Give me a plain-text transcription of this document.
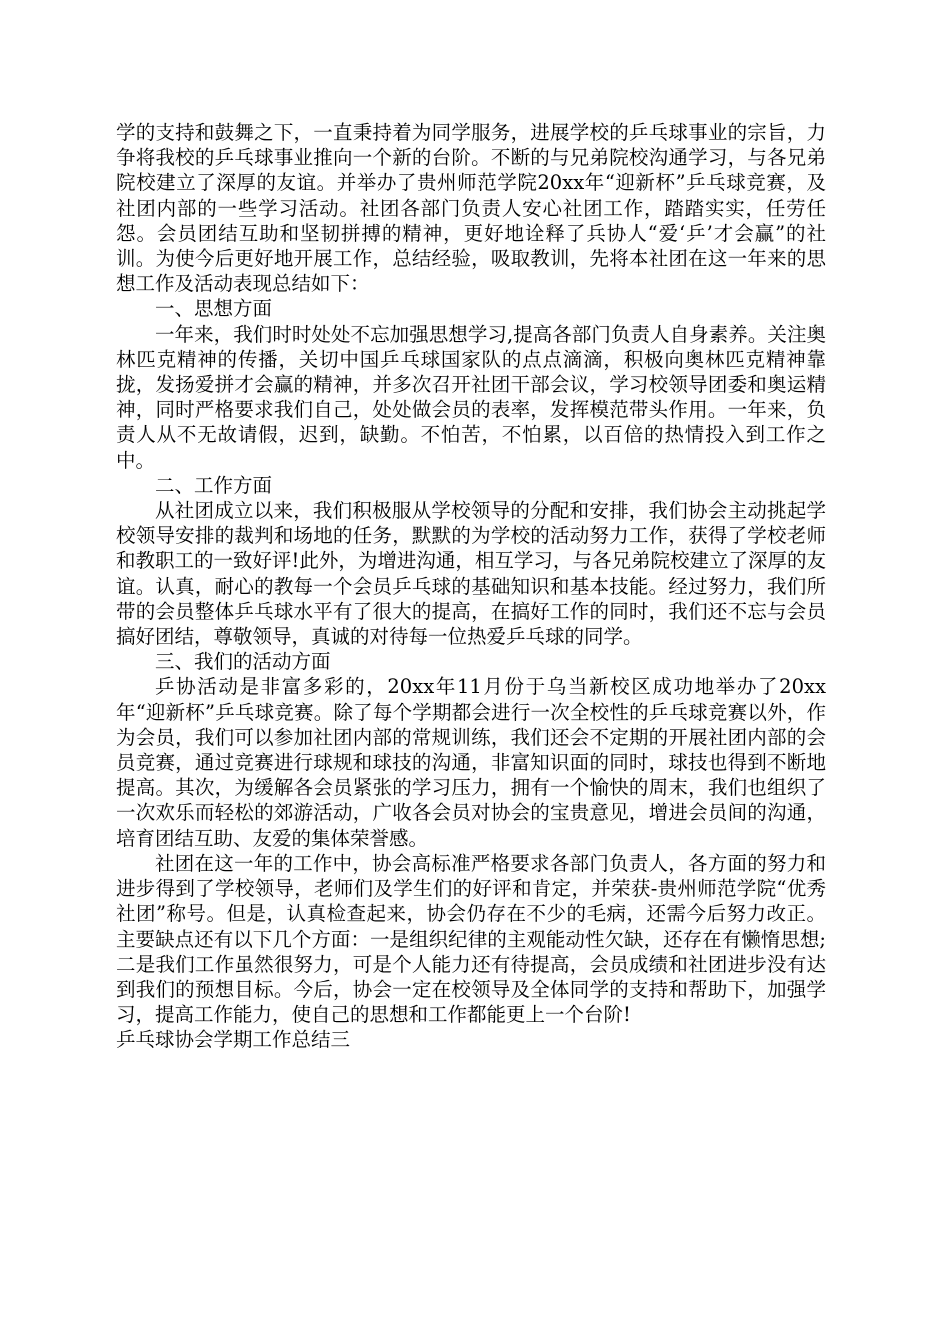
学的支持和鼓舞之下，一直秉持着为同学服务，进展学校的乒乓球事业的宗旨，力争将我校的乒乓球事业推向一个新的台阶。不断的与兄弟院校沟通学习，与各兄弟院校建立了深厚的友谊。并举办了贵州师范学院20xx年“迎新杯”乒乓球竞赛，及社团内部的一些学习活动。社团各部门负责人安心社团工作，踏踏实实，任劳任怨。会员团结互助和坚韧拼搏的精神，更好地诠释了兵协人“爱‘乒’才会赢”的社训。为使今后更好地开展工作，总结经验，吸取教训，先将本社团在这一年来的思想工作及活动表现总结如下：

一、思想方面

一年来，我们时时处处不忘加强思想学习,提高各部门负责人自身素养。关注奥林匹克精神的传播，关切中国乒乓球国家队的点点滴滴，积极向奥林匹克精神靠拢，发扬爱拼才会赢的精神，并多次召开社团干部会议，学习校领导团委和奥运精神，同时严格要求我们自己，处处做会员的表率，发挥模范带头作用。一年来，负责人从不无故请假，迟到，缺勤。不怕苦，不怕累，以百倍的热情投入到工作之中。

二、工作方面

从社团成立以来，我们积极服从学校领导的分配和安排，我们协会主动挑起学校领导安排的裁判和场地的任务，默默的为学校的活动努力工作，获得了学校老师和教职工的一致好评!此外，为增进沟通，相互学习，与各兄弟院校建立了深厚的友谊。认真，耐心的教每一个会员乒乓球的基础知识和基本技能。经过努力，我们所带的会员整体乒乓球水平有了很大的提高，在搞好工作的同时，我们还不忘与会员搞好团结，尊敬领导，真诚的对待每一位热爱乒乓球的同学。

三、我们的活动方面

乒协活动是非富多彩的，20xx年11月份于乌当新校区成功地举办了20xx年“迎新杯”乒乓球竞赛。除了每个学期都会进行一次全校性的乒乓球竞赛以外，作为会员，我们可以参加社团内部的常规训练，我们还会不定期的开展社团内部的会员竞赛，通过竞赛进行球规和球技的沟通，非富知识面的同时，球技也得到不断地提高。其次，为缓解各会员紧张的学习压力，拥有一个愉快的周末，我们也组织了一次欢乐而轻松的郊游活动，广收各会员对协会的宝贵意见，增进会员间的沟通，培育团结互助、友爱的集体荣誉感。

社团在这一年的工作中，协会高标准严格要求各部门负责人，各方面的努力和进步得到了学校领导，老师们及学生们的好评和肯定，并荣获-贵州师范学院“优秀社团”称号。但是，认真检查起来，协会仍存在不少的毛病，还需今后努力改正。主要缺点还有以下几个方面：一是组织纪律的主观能动性欠缺，还存在有懒惰思想;二是我们工作虽然很努力，可是个人能力还有待提高，会员成绩和社团进步没有达到我们的预想目标。今后，协会一定在校领导及全体同学的支持和帮助下，加强学习，提高工作能力，使自己的思想和工作都能更上一个台阶!

乒乓球协会学期工作总结三
